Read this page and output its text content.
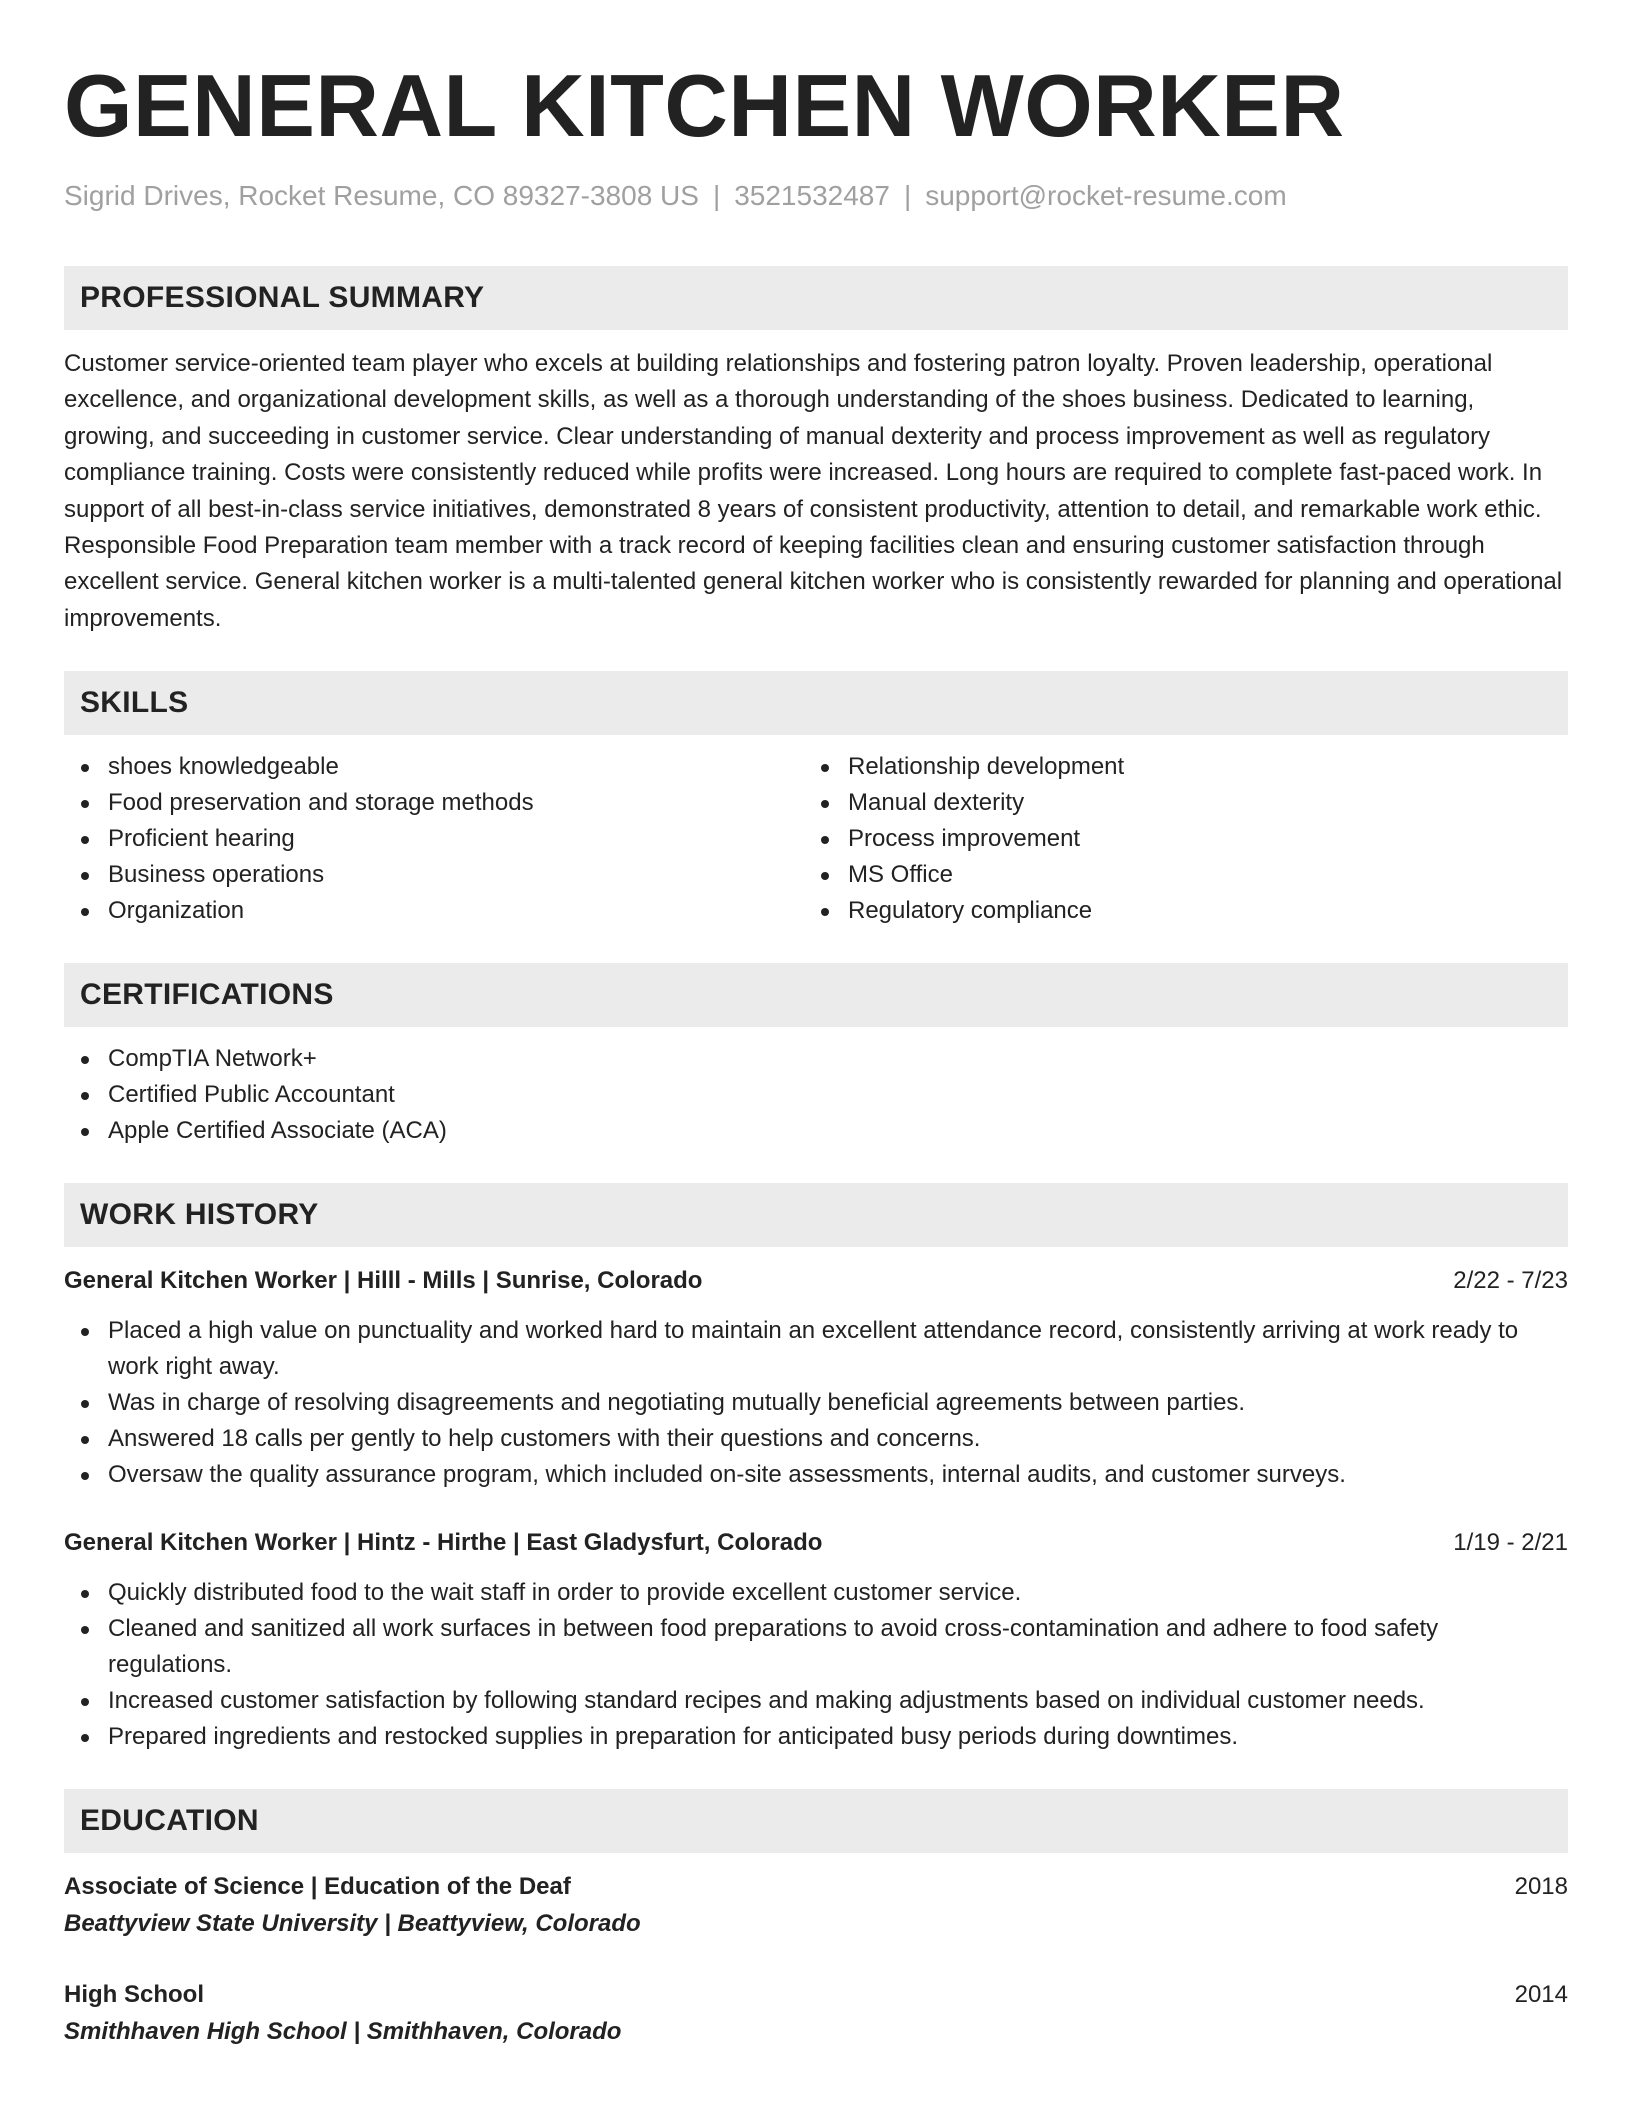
GENERAL KITCHEN WORKER
Sigrid Drives, Rocket Resume, CO 89327-3808 US | 3521532487 | support@rocket-resume.com
PROFESSIONAL SUMMARY

Customer service-oriented team player who excels at building relationships and fostering patron loyalty. Proven leadership, operational excellence, and organizational development skills, as well as a thorough understanding of the shoes business. Dedicated to learning, growing, and succeeding in customer service. Clear understanding of manual dexterity and process improvement as well as regulatory compliance training. Costs were consistently reduced while profits were increased. Long hours are required to complete fast-paced work. In support of all best-in-class service initiatives, demonstrated 8 years of consistent productivity, attention to detail, and remarkable work ethic. Responsible Food Preparation team member with a track record of keeping facilities clean and ensuring customer satisfaction through excellent service. General kitchen worker is a multi-talented general kitchen worker who is consistently rewarded for planning and operational improvements.

SKILLS
shoes knowledgeable
Food preservation and storage methods
Proficient hearing
Business operations
Organization
Relationship development
Manual dexterity
Process improvement
MS Office
Regulatory compliance
CERTIFICATIONS
CompTIA Network+
Certified Public Accountant
Apple Certified Associate (ACA)
WORK HISTORY
General Kitchen Worker | Hilll - Mills | Sunrise, Colorado	2/22 - 7/23
Placed a high value on punctuality and worked hard to maintain an excellent attendance record, consistently arriving at work ready to work right away.
Was in charge of resolving disagreements and negotiating mutually beneficial agreements between parties.
Answered 18 calls per gently to help customers with their questions and concerns.
Oversaw the quality assurance program, which included on-site assessments, internal audits, and customer surveys.
General Kitchen Worker | Hintz - Hirthe | East Gladysfurt, Colorado	1/19 - 2/21
Quickly distributed food to the wait staff in order to provide excellent customer service.
Cleaned and sanitized all work surfaces in between food preparations to avoid cross-contamination and adhere to food safety regulations.
Increased customer satisfaction by following standard recipes and making adjustments based on individual customer needs.
Prepared ingredients and restocked supplies in preparation for anticipated busy periods during downtimes.
EDUCATION
Associate of Science | Education of the Deaf	2018
Beattyview State University | Beattyview, Colorado
High School	2014
Smithhaven High School | Smithhaven, Colorado
